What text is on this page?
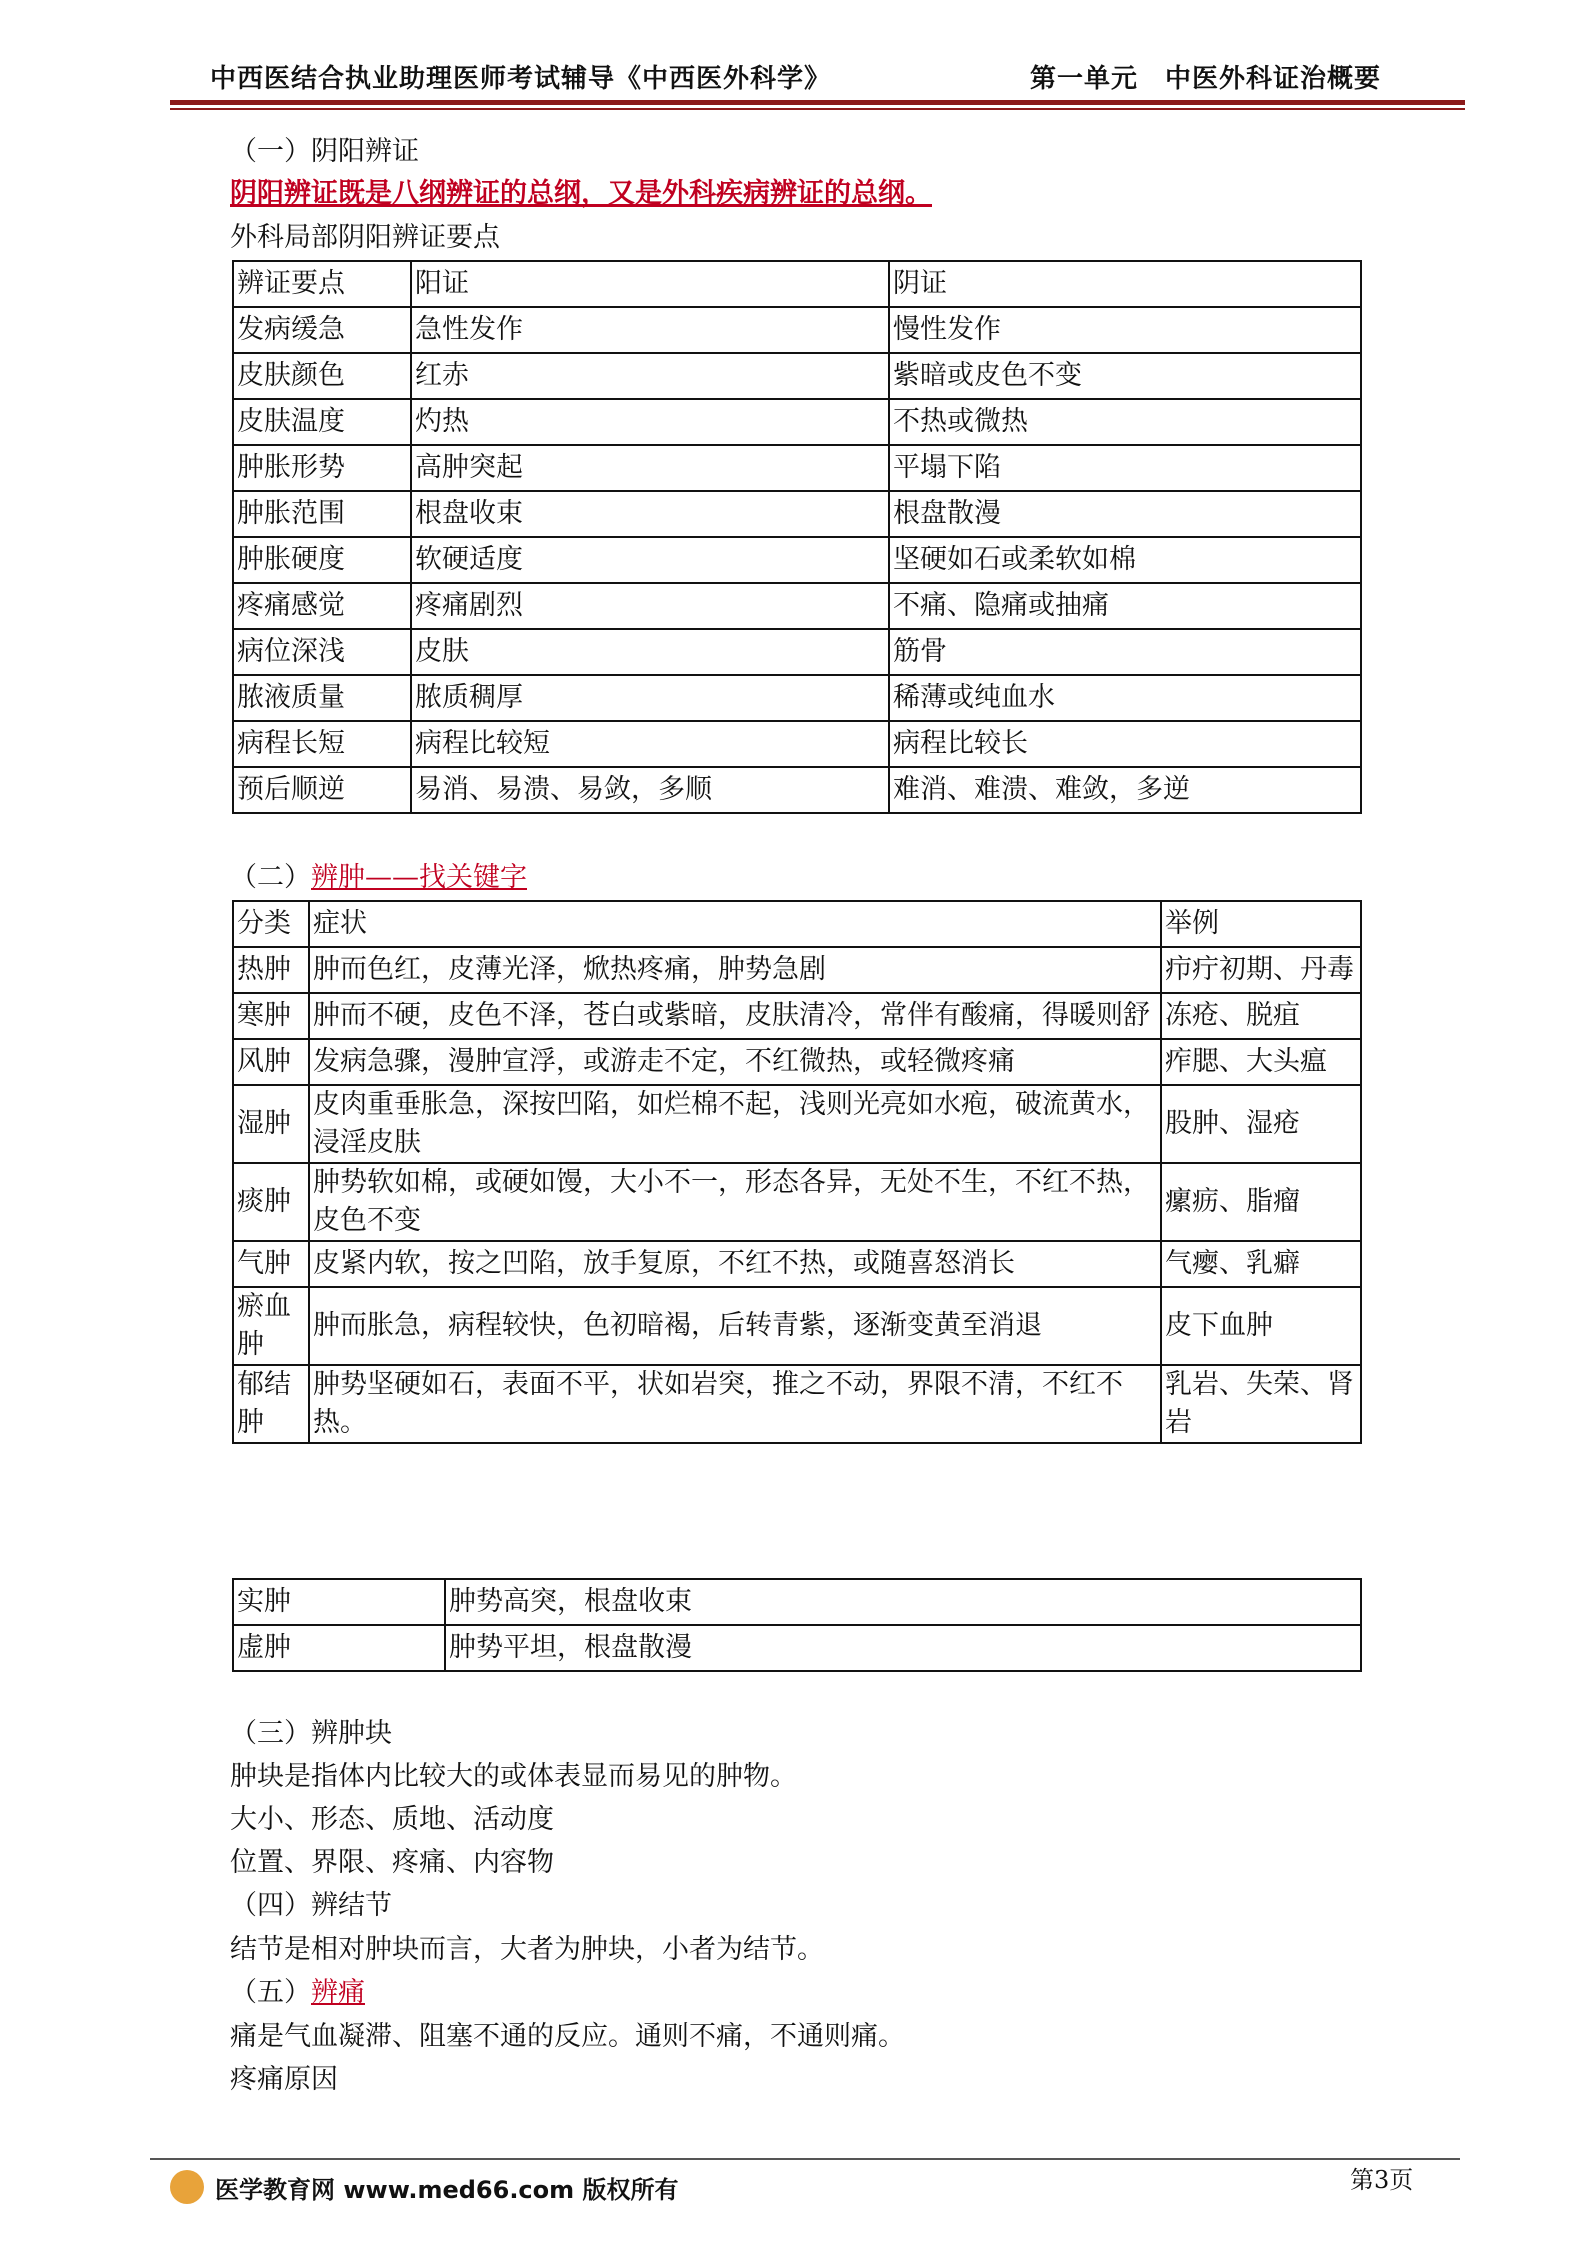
中西医结合执业助理医师考试辅导《中西医外科学》	第一单元　中医外科证治概要
（一）阴阳辨证
阴阳辨证既是八纲辨证的总纲，又是外科疾病辨证的总纲。
外科局部阴阳辨证要点
辨证要点	阳证	阴证
发病缓急	急性发作	慢性发作
皮肤颜色	红赤	紫暗或皮色不变
皮肤温度	灼热	不热或微热
肿胀形势	高肿突起	平塌下陷
肿胀范围	根盘收束	根盘散漫
肿胀硬度	软硬适度	坚硬如石或柔软如棉
疼痛感觉	疼痛剧烈	不痛、隐痛或抽痛
病位深浅	皮肤	筋骨
脓液质量	脓质稠厚	稀薄或纯血水
病程长短	病程比较短	病程比较长
预后顺逆	易消、易溃、易敛，多顺	难消、难溃、难敛，多逆
（二）辨肿——找关键字
分类	症状	举例
热肿	肿而色红，皮薄光泽，焮热疼痛，肿势急剧	疖疔初期、丹毒
寒肿	肿而不硬，皮色不泽，苍白或紫暗，皮肤清冷，常伴有酸痛，得暖则舒	冻疮、脱疽
风肿	发病急骤，漫肿宣浮，或游走不定，不红微热，或轻微疼痛	痄腮、大头瘟
湿肿	皮肉重垂胀急，深按凹陷，如烂棉不起，浅则光亮如水疱，破流黄水，浸淫皮肤	股肿、湿疮
痰肿	肿势软如棉，或硬如馒，大小不一，形态各异，无处不生，不红不热，皮色不变	瘰疬、脂瘤
气肿	皮紧内软，按之凹陷，放手复原，不红不热，或随喜怒消长	气瘿、乳癖
瘀血肿	肿而胀急，病程较快，色初暗褐，后转青紫，逐渐变黄至消退	皮下血肿
郁结肿	肿势坚硬如石，表面不平，状如岩突，推之不动，界限不清，不红不热。	乳岩、失荣、肾岩
实肿	肿势高突，根盘收束
虚肿	肿势平坦，根盘散漫
（三）辨肿块
肿块是指体内比较大的或体表显而易见的肿物。
大小、形态、质地、活动度
位置、界限、疼痛、内容物
（四）辨结节
结节是相对肿块而言，大者为肿块，小者为结节。
（五）辨痛
痛是气血凝滞、阻塞不通的反应。通则不痛，不通则痛。
疼痛原因
医学教育网 www.med66.com 版权所有	第3页
